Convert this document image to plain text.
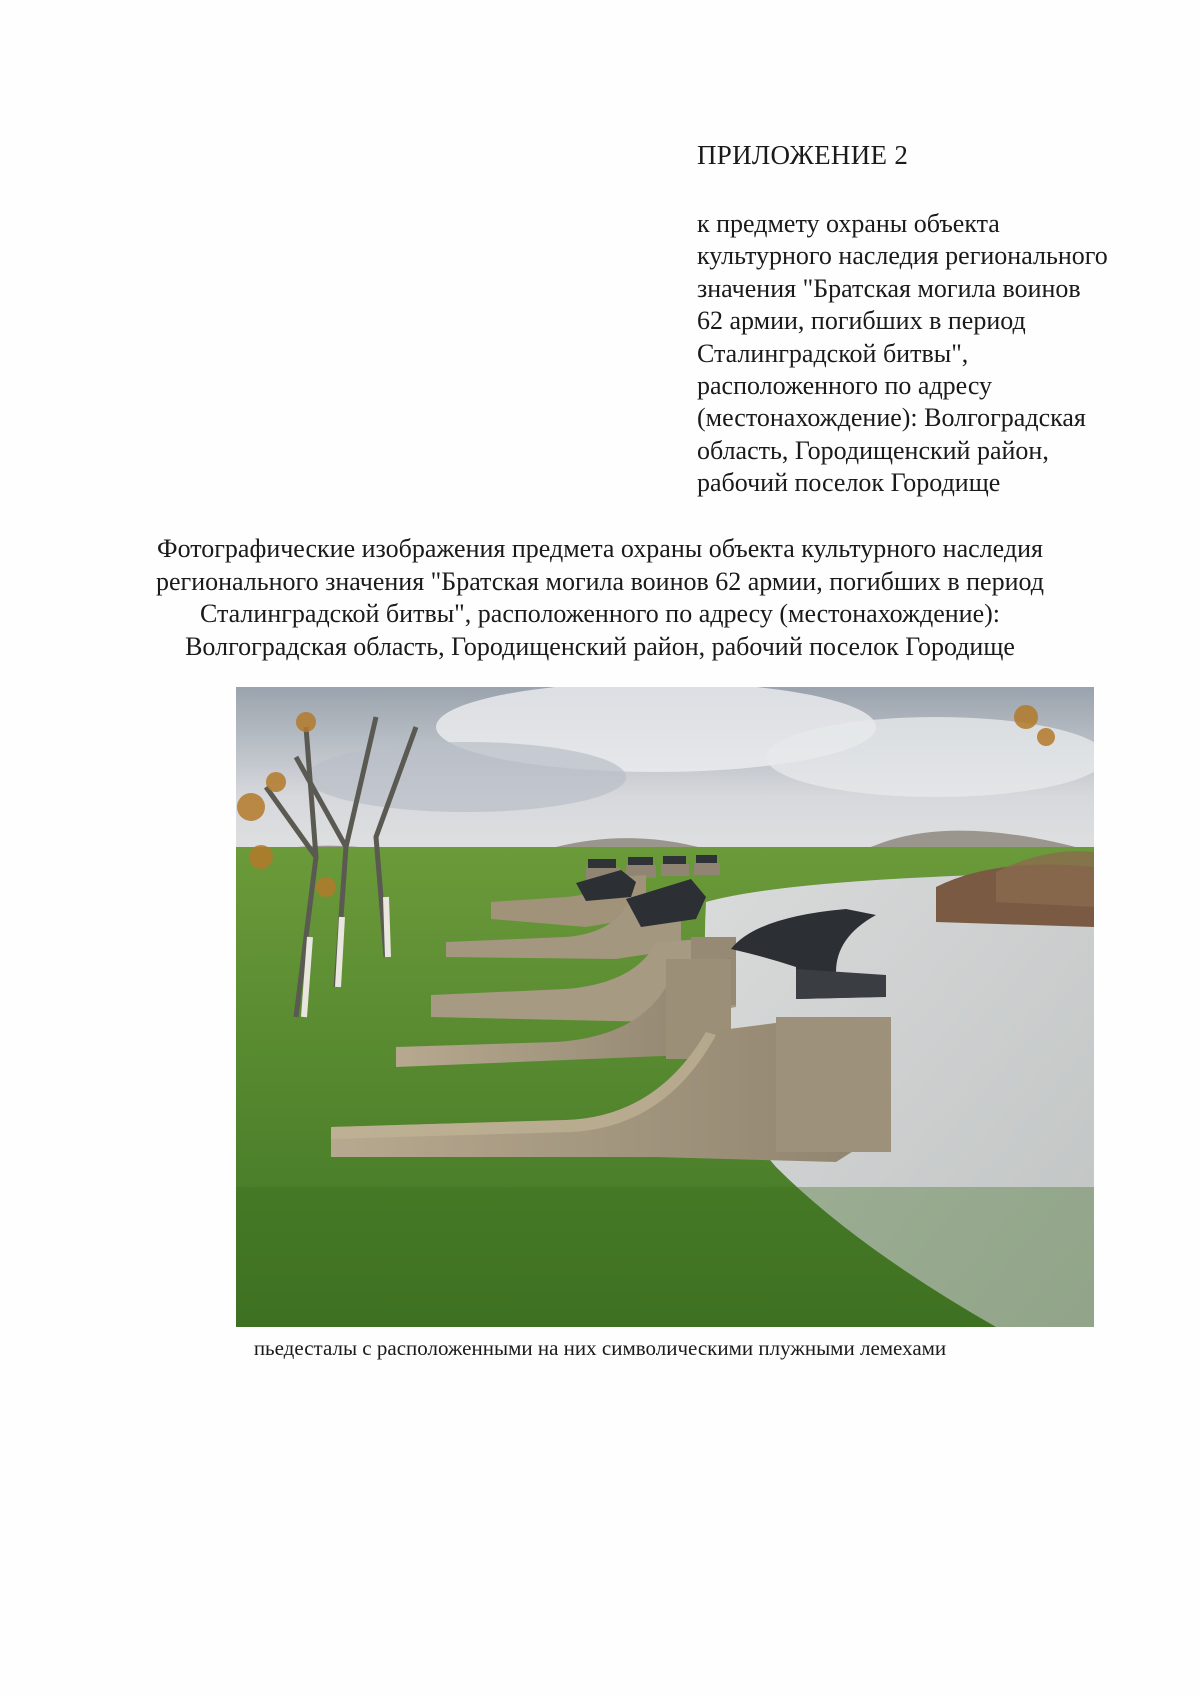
ПРИЛОЖЕНИЕ 2
к предмету охраны объекта
культурного наследия регионального
значения "Братская могила воинов
62 армии, погибших в период
Сталинградской битвы",
расположенного по адресу
(местонахождение): Волгоградская
область, Городищенский район,
рабочий поселок Городище
Фотографические изображения предмета охраны объекта культурного наследия
регионального значения "Братская могила воинов 62 армии, погибших в период
Сталинградской битвы", расположенного по адресу (местонахождение):
Волгоградская область, Городищенский район, рабочий поселок Городище
пьедесталы с расположенными на них символическими плужными лемехами
